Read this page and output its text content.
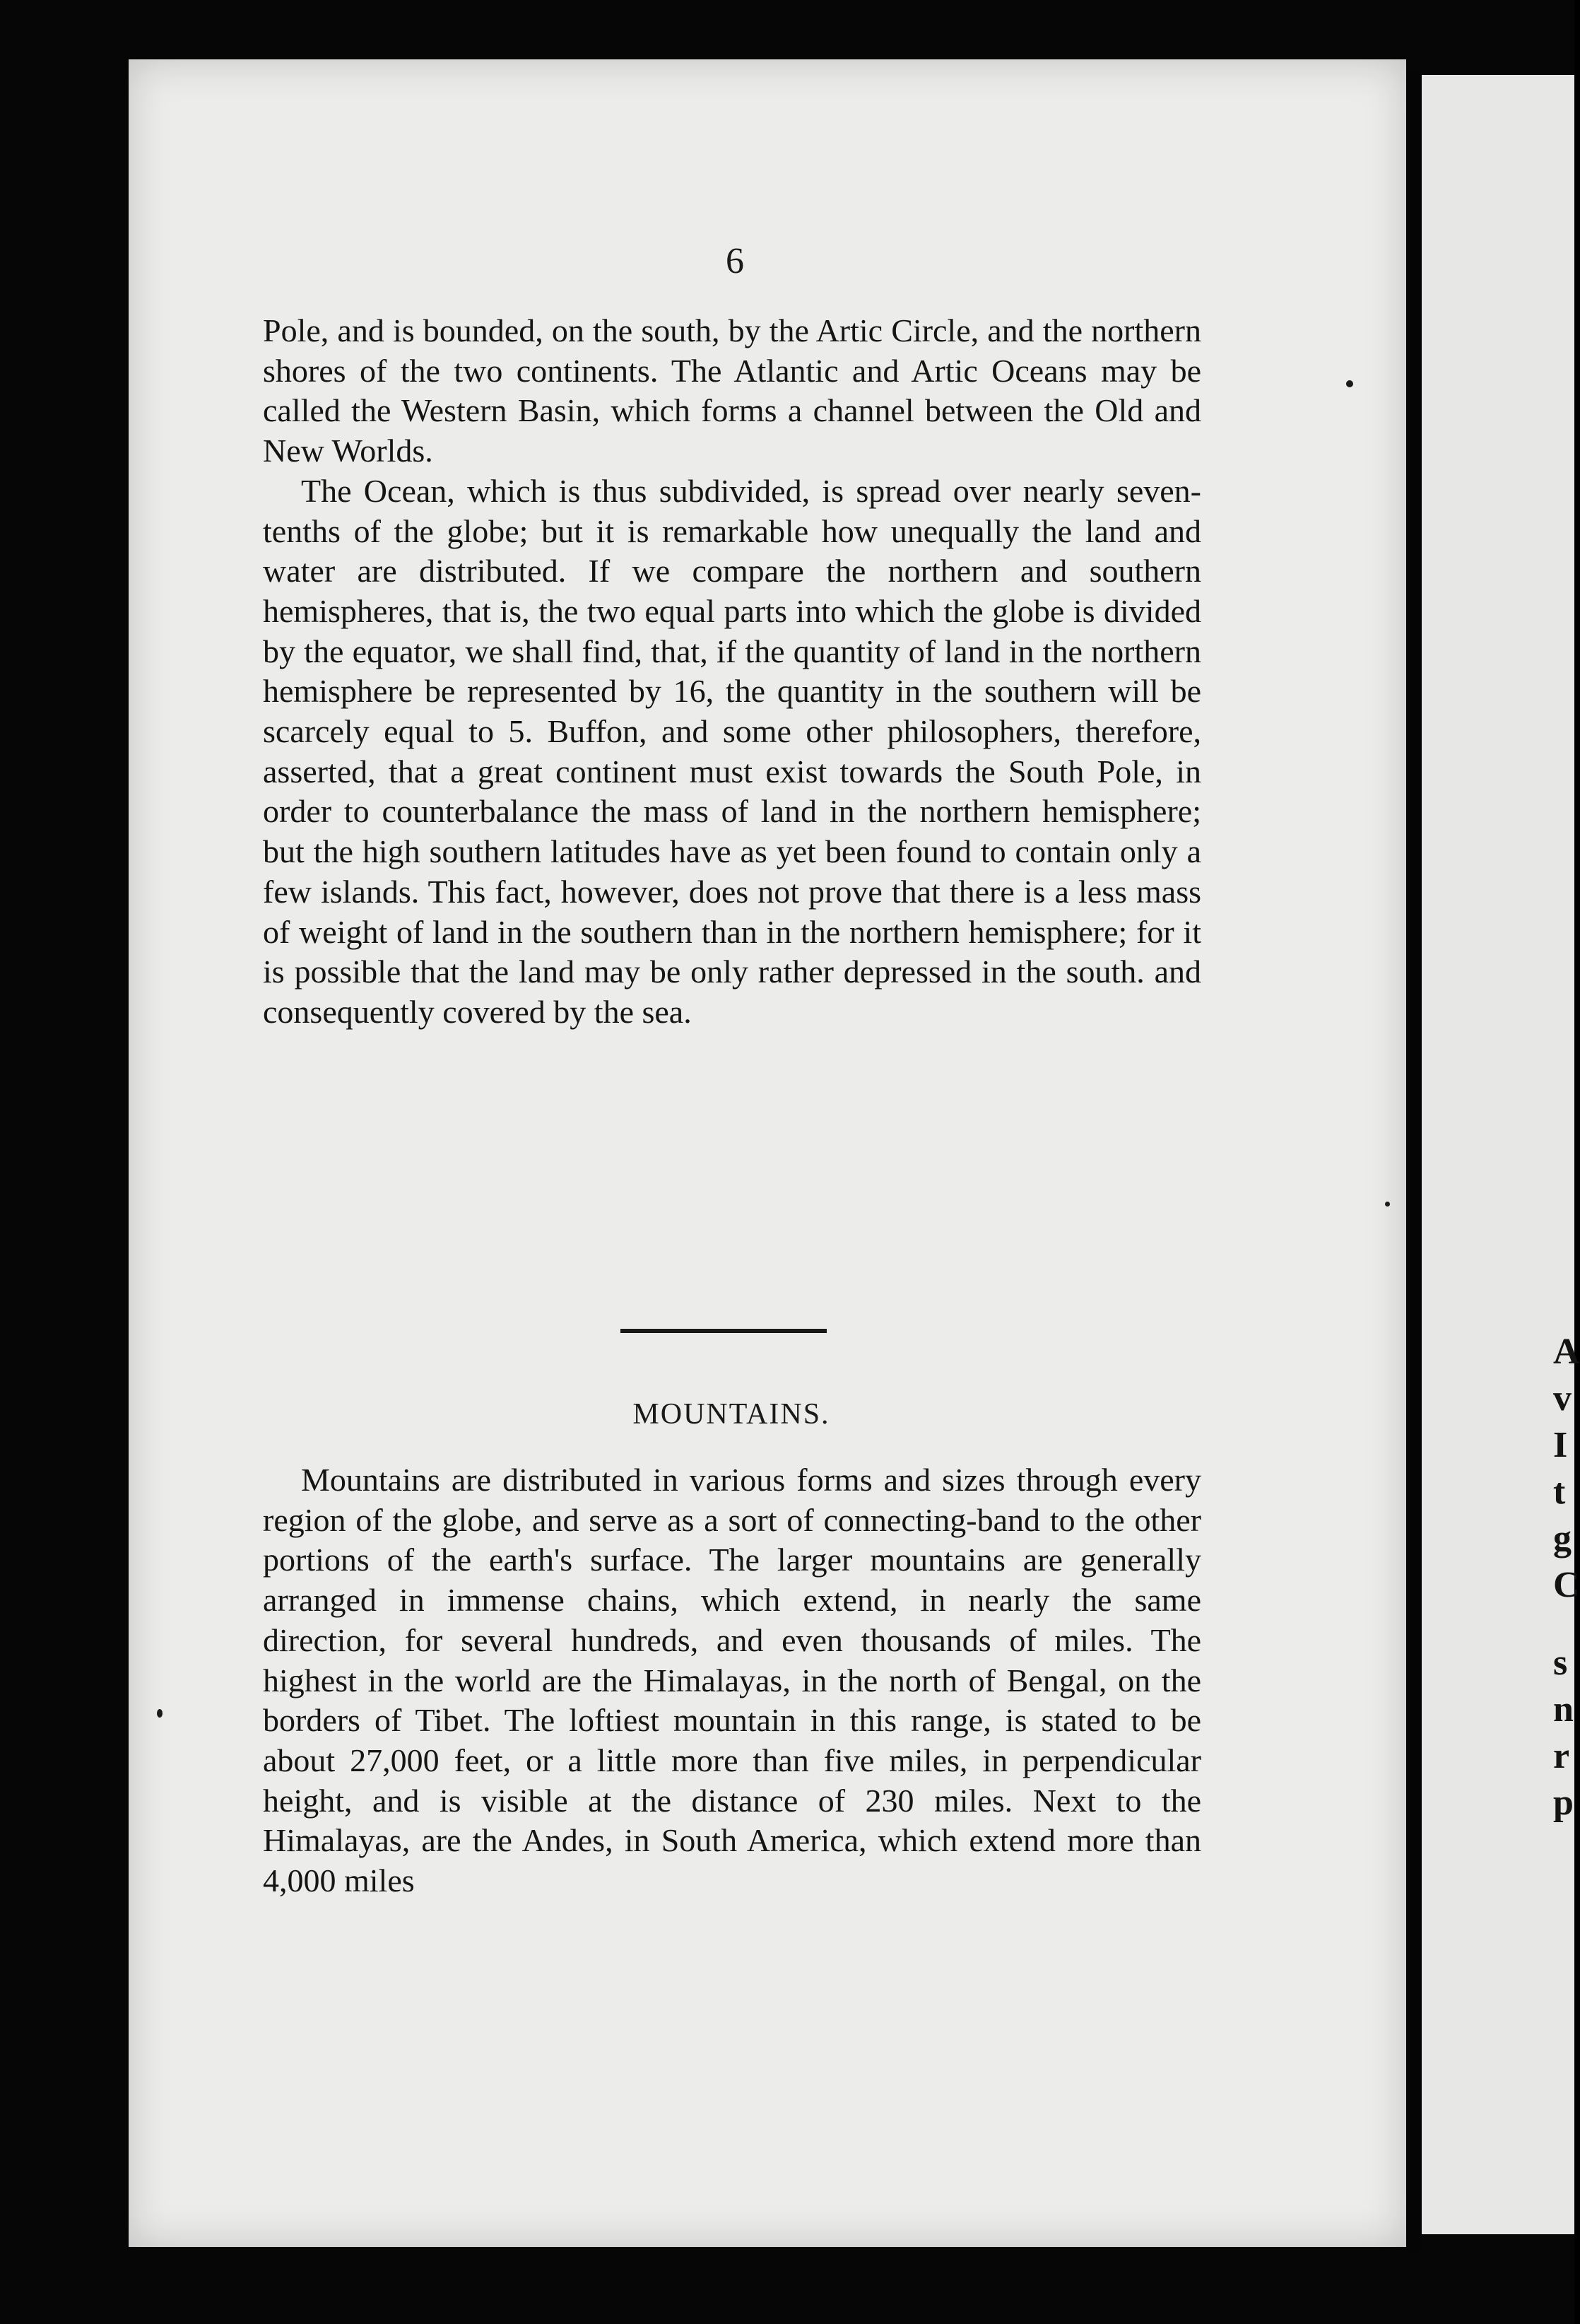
A
v
I
t
g
C
s
n
r
p
6

Pole, and is bounded, on the south, by the Artic Circle, and the northern shores of the two continents. The Atlantic and Artic Oceans may be called the Western Basin, which forms a channel between the Old and New Worlds.

The Ocean, which is thus subdivided, is spread over nearly seven-tenths of the globe; but it is remarkable how unequally the land and water are distributed. If we compare the northern and southern hemispheres, that is, the two equal parts into which the globe is divided by the equator, we shall find, that, if the quantity of land in the northern hemisphere be represented by 16, the quantity in the southern will be scarcely equal to 5. Buffon, and some other philosophers, therefore, asserted, that a great continent must exist towards the South Pole, in order to counterbalance the mass of land in the northern hemisphere; but the high southern latitudes have as yet been found to contain only a few islands. This fact, however, does not prove that there is a less mass of weight of land in the southern than in the northern hemisphere; for it is possible that the land may be only rather depressed in the south. and consequently covered by the sea.

MOUNTAINS.

Mountains are distributed in various forms and sizes through every region of the globe, and serve as a sort of connecting-band to the other portions of the earth's surface. The larger mountains are generally arranged in immense chains, which extend, in nearly the same direction, for several hundreds, and even thousands of miles. The highest in the world are the Himalayas, in the north of Bengal, on the borders of Tibet. The loftiest mountain in this range, is stated to be about 27,000 feet, or a little more than five miles, in perpendicular height, and is visible at the distance of 230 miles. Next to the Himalayas, are the Andes, in South America, which extend more than 4,000 miles
